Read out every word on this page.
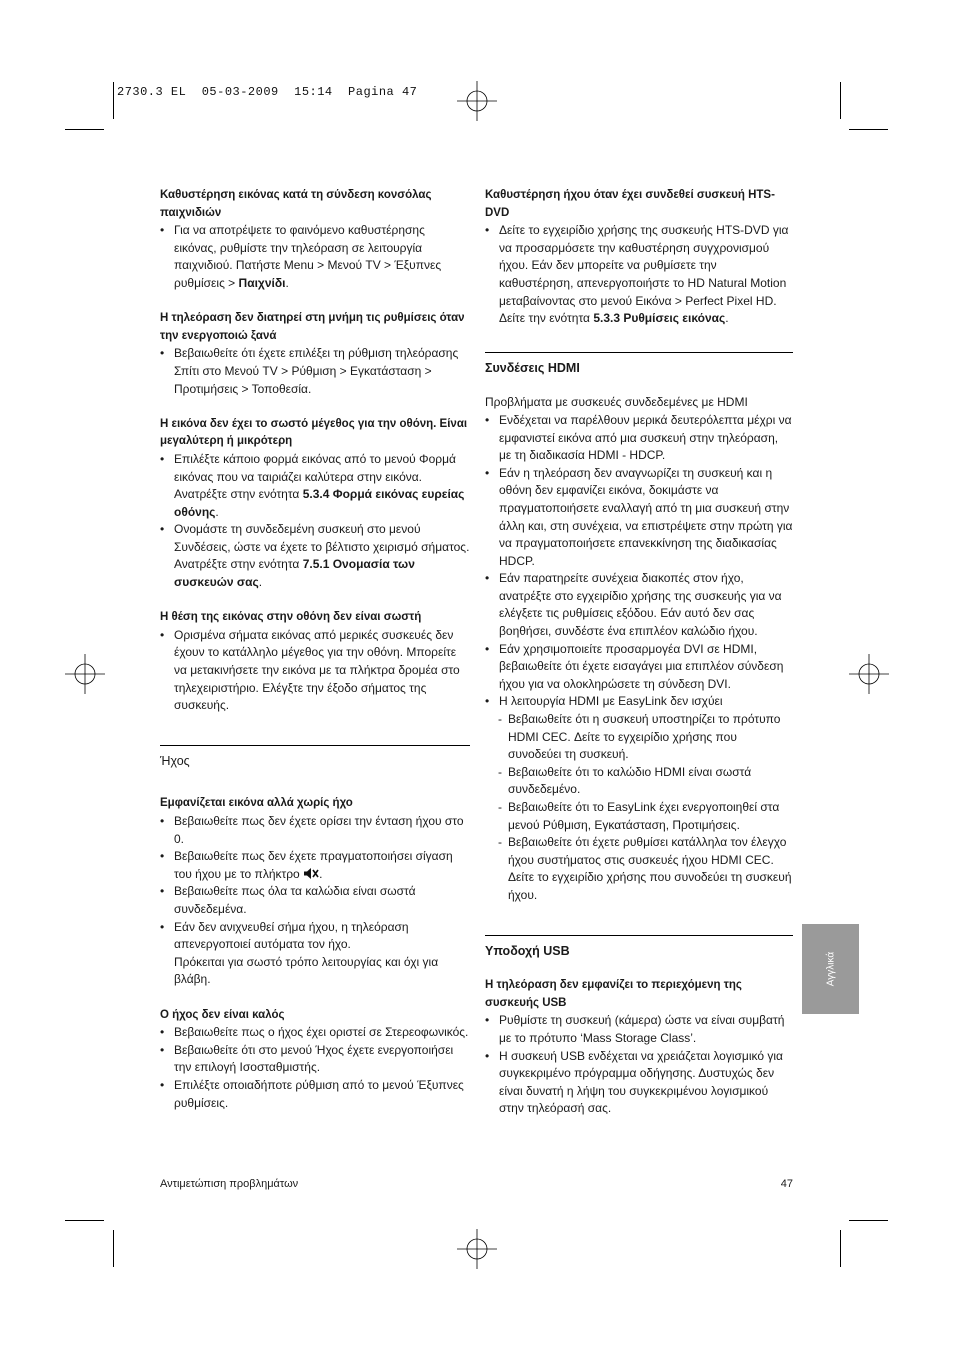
2730.3 EL  05-03-2009  15:14  Pagina 47

Καθυστέρηση εικόνας κατά τη σύνδεση κονσόλας παιχνιδιών

• Για να αποτρέψετε το φαινόμενο καθυστέρησης εικόνας, ρυθμίστε την τηλεόραση σε λειτουργία παιχνιδιού. Πατήστε Menu > Μενού TV > Έξυπνες ρυθμίσεις > Παιχνίδι.

Η τηλεόραση δεν διατηρεί στη μνήμη τις ρυθμίσεις όταν την ενεργοποιώ ξανά

• Βεβαιωθείτε ότι έχετε επιλέξει τη ρύθμιση τηλεόρασης Σπίτι στο Μενού TV > Ρύθμιση > Εγκατάσταση > Προτιμήσεις > Τοποθεσία.

Η εικόνα δεν έχει το σωστό μέγεθος για την οθόνη. Είναι μεγαλύτερη ή μικρότερη

• Επιλέξτε κάποιο φορμά εικόνας από το μενού Φορμά εικόνας που να ταιριάζει καλύτερα στην εικόνα. Ανατρέξτε στην ενότητα 5.3.4 Φορμά εικόνας ευρείας οθόνης.
• Ονομάστε τη συνδεδεμένη συσκευή στο μενού Συνδέσεις, ώστε να έχετε το βέλτιστο χειρισμό σήματος.
Ανατρέξτε στην ενότητα 7.5.1 Ονομασία των συσκευών σας.

Η θέση της εικόνας στην οθόνη δεν είναι σωστή

• Ορισμένα σήματα εικόνας από μερικές συσκευές δεν έχουν το κατάλληλο μέγεθος για την οθόνη. Μπορείτε να μετακινήσετε την εικόνα με τα πλήκτρα δρομέα στο τηλεχειριστήριο. Ελέγξτε την έξοδο σήματος της συσκευής.

Ήχος

Εμφανίζεται εικόνα αλλά χωρίς ήχο

• Βεβαιωθείτε πως δεν έχετε ορίσει την ένταση ήχου στο 0.
• Βεβαιωθείτε πως δεν έχετε πραγματοποιήσει σίγαση του ήχου με το πλήκτρο .
• Βεβαιωθείτε πως όλα τα καλώδια είναι σωστά συνδεδεμένα.
• Εάν δεν ανιχνευθεί σήμα ήχου, η τηλεόραση απενεργοποιεί αυτόματα τον ήχο.
Πρόκειται για σωστό τρόπο λειτουργίας και όχι για βλάβη.

Ο ήχος δεν είναι καλός

• Βεβαιωθείτε πως ο ήχος έχει οριστεί σε Στερεοφωνικός.
• Βεβαιωθείτε ότι στο μενού Ήχος έχετε ενεργοποιήσει την επιλογή Ισοσταθμιστής.
• Επιλέξτε οποιαδήποτε ρύθμιση από το μενού Έξυπνες ρυθμίσεις.

Καθυστέρηση ήχου όταν έχει συνδεθεί συσκευή HTS-DVD

• Δείτε το εγχειρίδιο χρήσης της συσκευής HTS-DVD για να προσαρμόσετε την καθυστέρηση συγχρονισμού ήχου. Εάν δεν μπορείτε να ρυθμίσετε την καθυστέρηση, απενεργοποιήστε το HD Natural Motion μεταβαίνοντας στο μενού Εικόνα > Perfect Pixel HD. Δείτε την ενότητα 5.3.3 Ρυθμίσεις εικόνας.

Συνδέσεις HDMI

Προβλήματα με συσκευές συνδεδεμένες με HDMI

• Ενδέχεται να παρέλθουν μερικά δευτερόλεπτα μέχρι να εμφανιστεί εικόνα από μια συσκευή στην τηλεόραση, με τη διαδικασία HDMI - HDCP.
• Εάν η τηλεόραση δεν αναγνωρίζει τη συσκευή και η οθόνη δεν εμφανίζει εικόνα, δοκιμάστε να πραγματοποιήσετε εναλλαγή από τη μια συσκευή στην άλλη και, στη συνέχεια, να επιστρέψετε στην πρώτη για να πραγματοποιήσετε επανεκκίνηση της διαδικασίας HDCP.
• Εάν παρατηρείτε συνέχεια διακοπές στον ήχο, ανατρέξτε στο εγχειρίδιο χρήσης της συσκευής για να ελέγξετε τις ρυθμίσεις εξόδου. Εάν αυτό δεν σας βοηθήσει, συνδέστε ένα επιπλέον καλώδιο ήχου.
• Εάν χρησιμοποιείτε προσαρμογέα DVI σε HDMI, βεβαιωθείτε ότι έχετε εισαγάγει μια επιπλέον σύνδεση ήχου για να ολοκληρώσετε τη σύνδεση DVI.
• Η λειτουργία HDMI με EasyLink δεν ισχύει
- Βεβαιωθείτε ότι η συσκευή υποστηρίζει το πρότυπο HDMI CEC. Δείτε το εγχειρίδιο χρήσης που συνοδεύει τη συσκευή.
- Βεβαιωθείτε ότι το καλώδιο HDMI είναι σωστά συνδεδεμένο.
- Βεβαιωθείτε ότι το EasyLink έχει ενεργοποιηθεί στα μενού Ρύθμιση, Εγκατάσταση, Προτιμήσεις.
- Βεβαιωθείτε ότι έχετε ρυθμίσει κατάλληλα τον έλεγχο ήχου συστήματος στις συσκευές ήχου HDMI CEC. Δείτε το εγχειρίδιο χρήσης που συνοδεύει τη συσκευή ήχου.

Υποδοχή USB

Η τηλεόραση δεν εμφανίζει το περιεχόμενη της συσκευής USB

• Ρυθμίστε τη συσκευή (κάμερα) ώστε να είναι συμβατή με το πρότυπο ‘Mass Storage Class’.
• Η συσκευή USB ενδέχεται να χρειάζεται λογισμικό για συγκεκριμένο πρόγραμμα οδήγησης. Δυστυχώς δεν είναι δυνατή η λήψη του συγκεκριμένου λογισμικού στην τηλεόρασή σας.
Αγγλικά
Αντιμετώπιση προβλημάτων	47
